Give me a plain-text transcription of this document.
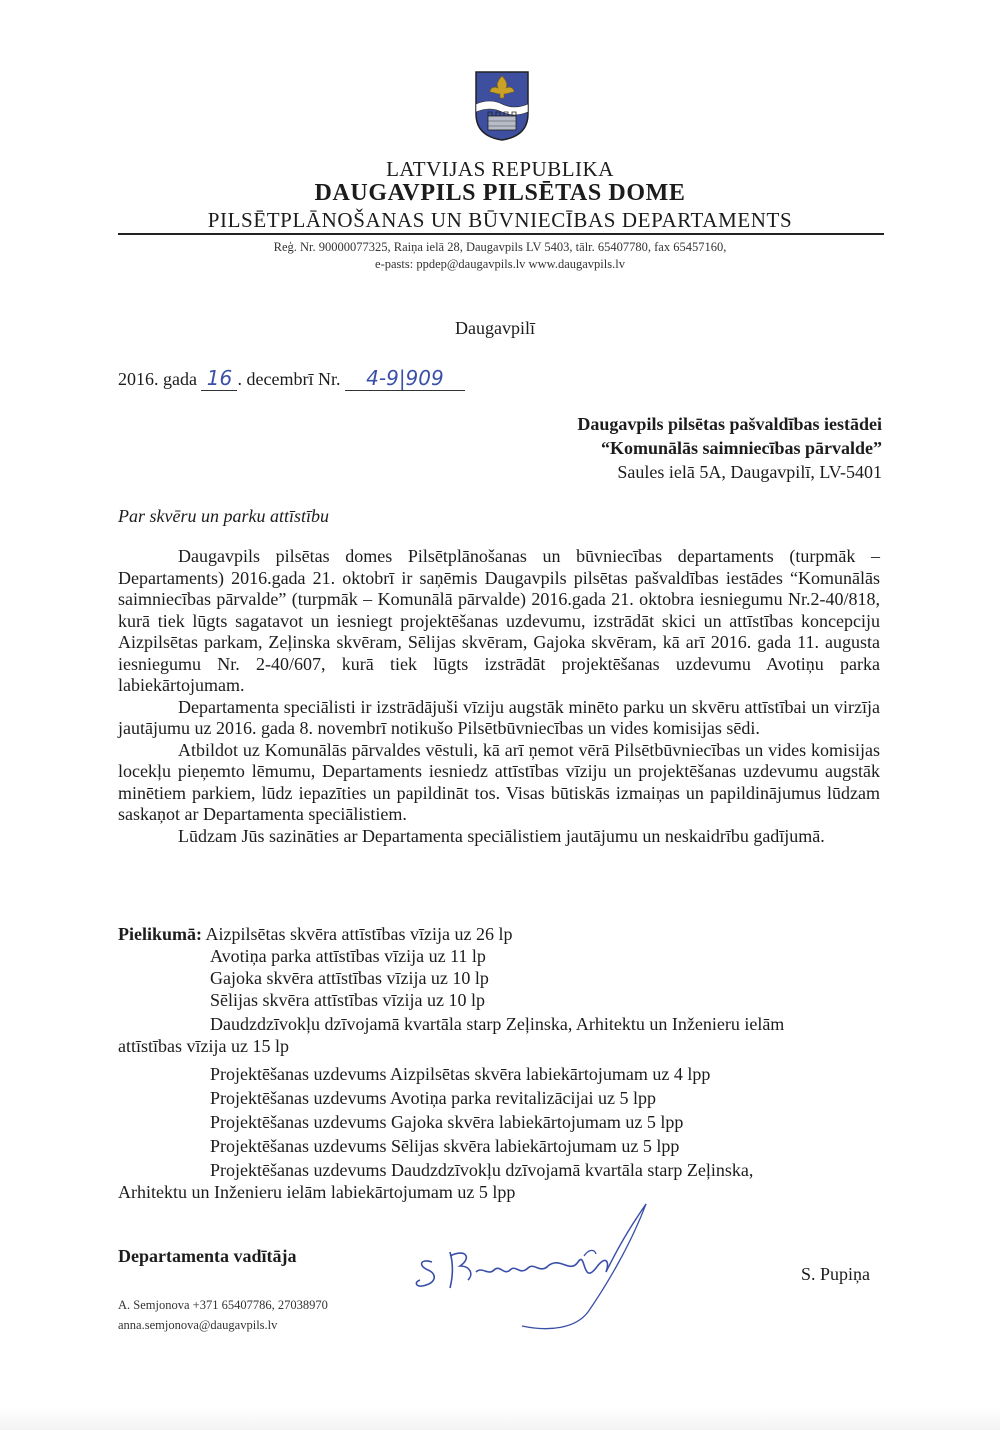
LATVIJAS REPUBLIKA
DAUGAVPILS PILSĒTAS DOME
PILSĒTPLĀNOŠANAS UN BŪVNIECĪBAS DEPARTAMENTS
Reģ. Nr. 90000077325, Raiņa ielā 28, Daugavpils LV 5403, tālr. 65407780, fax 65457160,
e-pasts: ppdep@daugavpils.lv www.daugavpils.lv
Daugavpilī
2016. gada 16 . decembrī Nr. 4-9|909
Daugavpils pilsētas pašvaldības iestādei
“Komunālās saimniecības pārvalde”
Saules ielā 5A, Daugavpilī, LV-5401
Par skvēru un parku attīstību

Daugavpils pilsētas domes Pilsētplānošanas un būvniecības departaments (turpmāk – Departaments) 2016.gada 21. oktobrī ir saņēmis Daugavpils pilsētas pašvaldības iestādes “Komunālās saimniecības pārvalde” (turpmāk – Komunālā pārvalde) 2016.gada 21. oktobra iesniegumu Nr.2-40/818, kurā tiek lūgts sagatavot un iesniegt projektēšanas uzdevumu, izstrādāt skici un attīstības koncepciju Aizpilsētas parkam, Zeļinska skvēram, Sēlijas skvēram, Gajoka skvēram, kā arī 2016. gada 11. augusta iesniegumu Nr. 2-40/607, kurā tiek lūgts izstrādāt projektēšanas uzdevumu Avotiņu parka labiekārtojumam.

Departamenta speciālisti ir izstrādājuši vīziju augstāk minēto parku un skvēru attīstībai un virzīja jautājumu uz 2016. gada 8. novembrī notikušo Pilsētbūvniecības un vides komisijas sēdi.

Atbildot uz Komunālās pārvaldes vēstuli, kā arī ņemot vērā Pilsētbūvniecības un vides komisijas locekļu pieņemto lēmumu, Departaments iesniedz attīstības vīziju un projektēšanas uzdevumu augstāk minētiem parkiem, lūdz iepazīties un papildināt tos. Visas būtiskās izmaiņas un papildinājumus lūdzam saskaņot ar Departamenta speciālistiem.

Lūdzam Jūs sazināties ar Departamenta speciālistiem jautājumu un neskaidrību gadījumā.

Pielikumā: Aizpilsētas skvēra attīstības vīzija uz 26 lp
Avotiņa parka attīstības vīzija uz 11 lp
Gajoka skvēra attīstības vīzija uz 10 lp
Sēlijas skvēra attīstības vīzija uz 10 lp
Daudzdzīvokļu dzīvojamā kvartāla starp Zeļinska, Arhitektu un Inženieru ielām
attīstības vīzija uz 15 lp
Projektēšanas uzdevums Aizpilsētas skvēra labiekārtojumam uz 4 lpp
Projektēšanas uzdevums Avotiņa parka revitalizācijai uz 5 lpp
Projektēšanas uzdevums Gajoka skvēra labiekārtojumam uz 5 lpp
Projektēšanas uzdevums Sēlijas skvēra labiekārtojumam uz 5 lpp
Projektēšanas uzdevums Daudzdzīvokļu dzīvojamā kvartāla starp Zeļinska,
Arhitektu un Inženieru ielām labiekārtojumam uz 5 lpp
Departamenta vadītāja
S. Pupiņa
A. Semjonova +371 65407786, 27038970
anna.semjonova@daugavpils.lv
